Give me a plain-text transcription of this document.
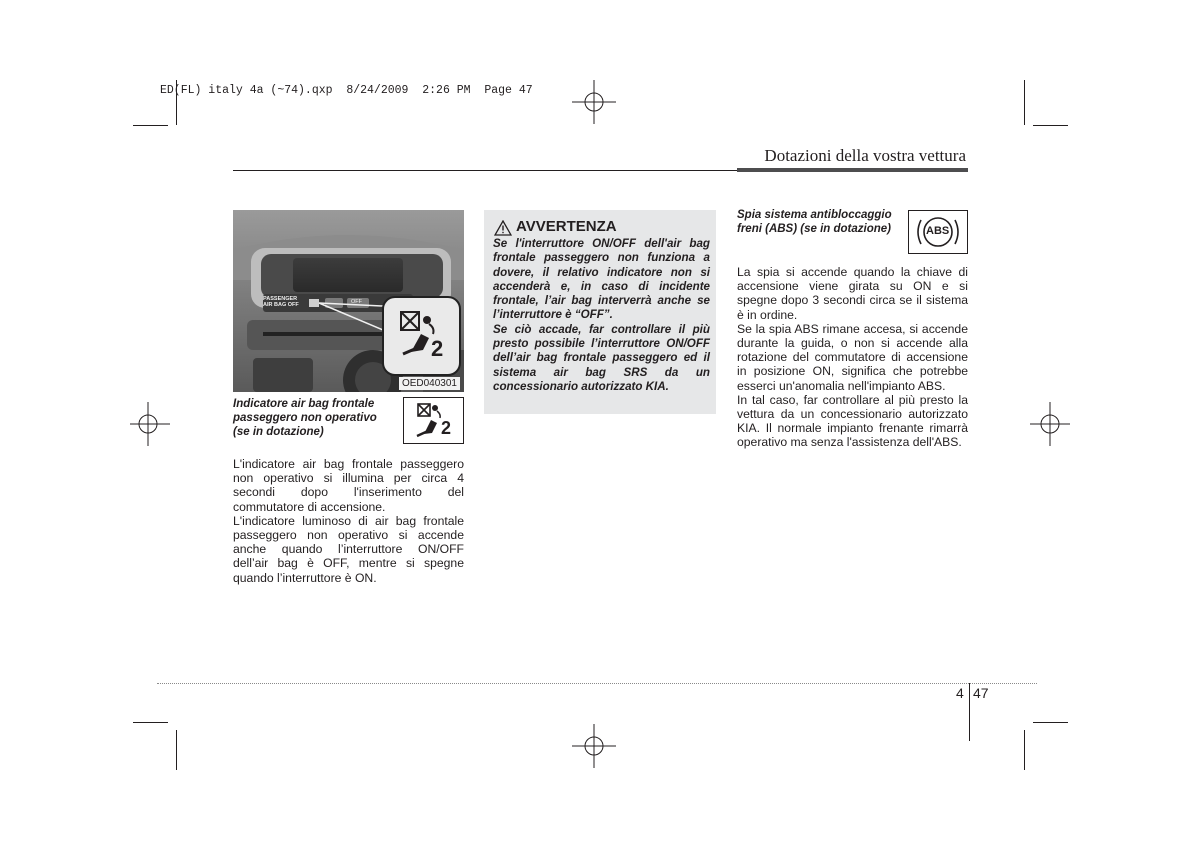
ED(FL) italy 4a (~74).qxp  8/24/2009  2:26 PM  Page 47
Dotazioni della vostra vettura
PASSENGER
AIR BAG OFF	OFF
2
OED040301
Indicatore air bag frontale passeggero non operativo (se in dotazione)	2

L'indicatore air bag frontale passeggero non operativo si illumina per circa 4 secondi dopo l'inserimento del commutatore di accensione.

L'indicatore luminoso di air bag frontale passeggero non operativo si accende anche quando l’interruttore ON/OFF dell’air bag è OFF, mentre si spegne quando l’interruttore è ON.

AVVERTENZA

Se l'interruttore ON/OFF dell'air bag frontale passeggero non funziona a dovere, il relativo indicatore non si accenderà e, in caso di incidente frontale, l’air bag interverrà anche se l’interruttore è “OFF”.

Se ciò accade, far controllare il più presto possibile l’interruttore ON/OFF dell’air bag frontale passeggero ed il sistema air bag SRS da un concessionario autorizzato KIA.

Spia sistema antibloccaggio freni (ABS) (se in dotazione)	ABS

La spia si accende quando la chiave di accensione viene girata su ON e si spegne dopo 3 secondi circa se il sistema è in ordine.

Se la spia ABS rimane accesa, si accende durante la guida, o non si accende alla rotazione del commutatore di accensione in posizione ON, significa che potrebbe esserci un'anomalia nell'impianto ABS.

In tal caso, far controllare al più presto la vettura da un concessionario autorizzato KIA. Il normale impianto frenante rimarrà operativo ma senza l'assistenza dell'ABS.

4 47
